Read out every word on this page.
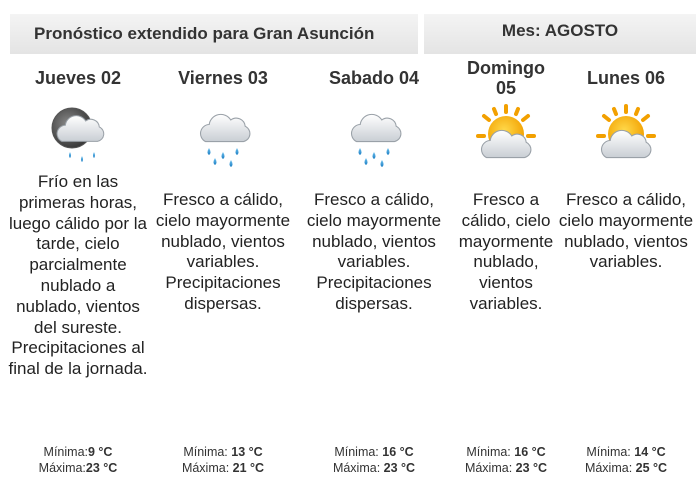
Pronóstico extendido para Gran Asunción	Mes: AGOSTO
Jueves 02
Frío en las primeras horas, luego cálido por la tarde, cielo parcialmente nublado a nublado, vientos del sureste. Precipitaciones al final de la jornada.
Mínima:9 °C
Máxima:23 °C
Viernes 03
Fresco a cálido, cielo mayormente nublado, vientos variables. Precipitaciones dispersas.
Mínima: 13 °C
Máxima: 21 °C
Sabado 04
Fresco a cálido, cielo mayormente nublado, vientos variables. Precipitaciones dispersas.
Mínima: 16 °C
Máxima: 23 °C
Domingo 05
Fresco a cálido, cielo mayormente nublado, vientos variables.
Mínima: 16 °C
Máxima: 23 °C
Lunes 06
Fresco a cálido, cielo mayormente nublado, vientos variables.
Mínima: 14 °C
Máxima: 25 °C
